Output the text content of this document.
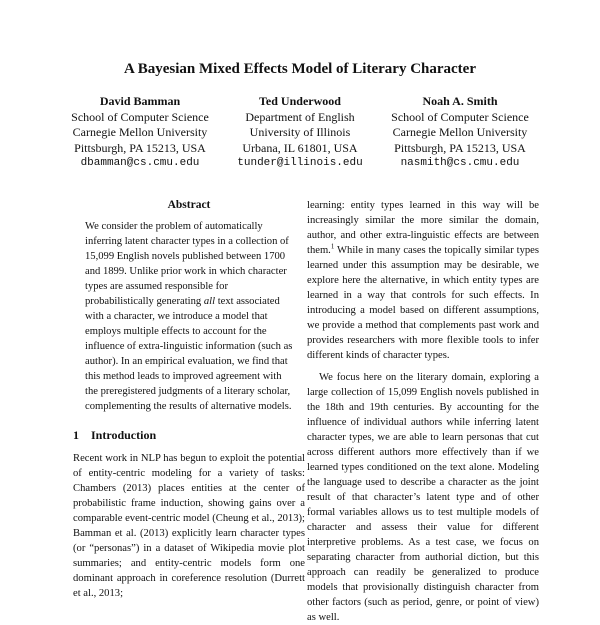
A Bayesian Mixed Effects Model of Literary Character
David Bamman
School of Computer Science
Carnegie Mellon University
Pittsburgh, PA 15213, USA
dbamman@cs.cmu.edu
Ted Underwood
Department of English
University of Illinois
Urbana, IL 61801, USA
tunder@illinois.edu
Noah A. Smith
School of Computer Science
Carnegie Mellon University
Pittsburgh, PA 15213, USA
nasmith@cs.cmu.edu
Abstract

We consider the problem of automatically inferring latent character types in a collection of 15,099 English novels published between 1700 and 1899. Unlike prior work in which character types are assumed responsible for probabilistically generating all text associated with a character, we introduce a model that employs multiple effects to account for the influence of extra-linguistic information (such as author). In an empirical evaluation, we find that this method leads to improved agreement with the preregistered judgments of a literary scholar, complementing the results of alternative models.

1 Introduction

Recent work in NLP has begun to exploit the potential of entity-centric modeling for a variety of tasks: Chambers (2013) places entities at the center of probabilistic frame induction, showing gains over a comparable event-centric model (Cheung et al., 2013); Bamman et al. (2013) explicitly learn character types (or “personas”) in a dataset of Wikipedia movie plot summaries; and entity-centric models form one dominant approach in coreference resolution (Durrett et al., 2013;

learning: entity types learned in this way will be increasingly similar the more similar the domain, author, and other extra-linguistic effects are between them.$^1$ While in many cases the topically similar types learned under this assumption may be desirable, we explore here the alternative, in which entity types are learned in a way that controls for such effects. In introducing a model based on different assumptions, we provide a method that complements past work and provides researchers with more flexible tools to infer different kinds of character types.

We focus here on the literary domain, exploring a large collection of 15,099 English novels published in the 18th and 19th centuries. By accounting for the influence of individual authors while inferring latent character types, we are able to learn personas that cut across different authors more effectively than if we learned types conditioned on the text alone. Modeling the language used to describe a character as the joint result of that character’s latent type and of other formal variables allows us to test multiple models of character and assess their value for different interpretive problems. As a test case, we focus on separating character from authorial diction, but this approach can readily be generalized to produce models that provisionally distinguish character from other factors (such as period, genre, or point of view) as well.
